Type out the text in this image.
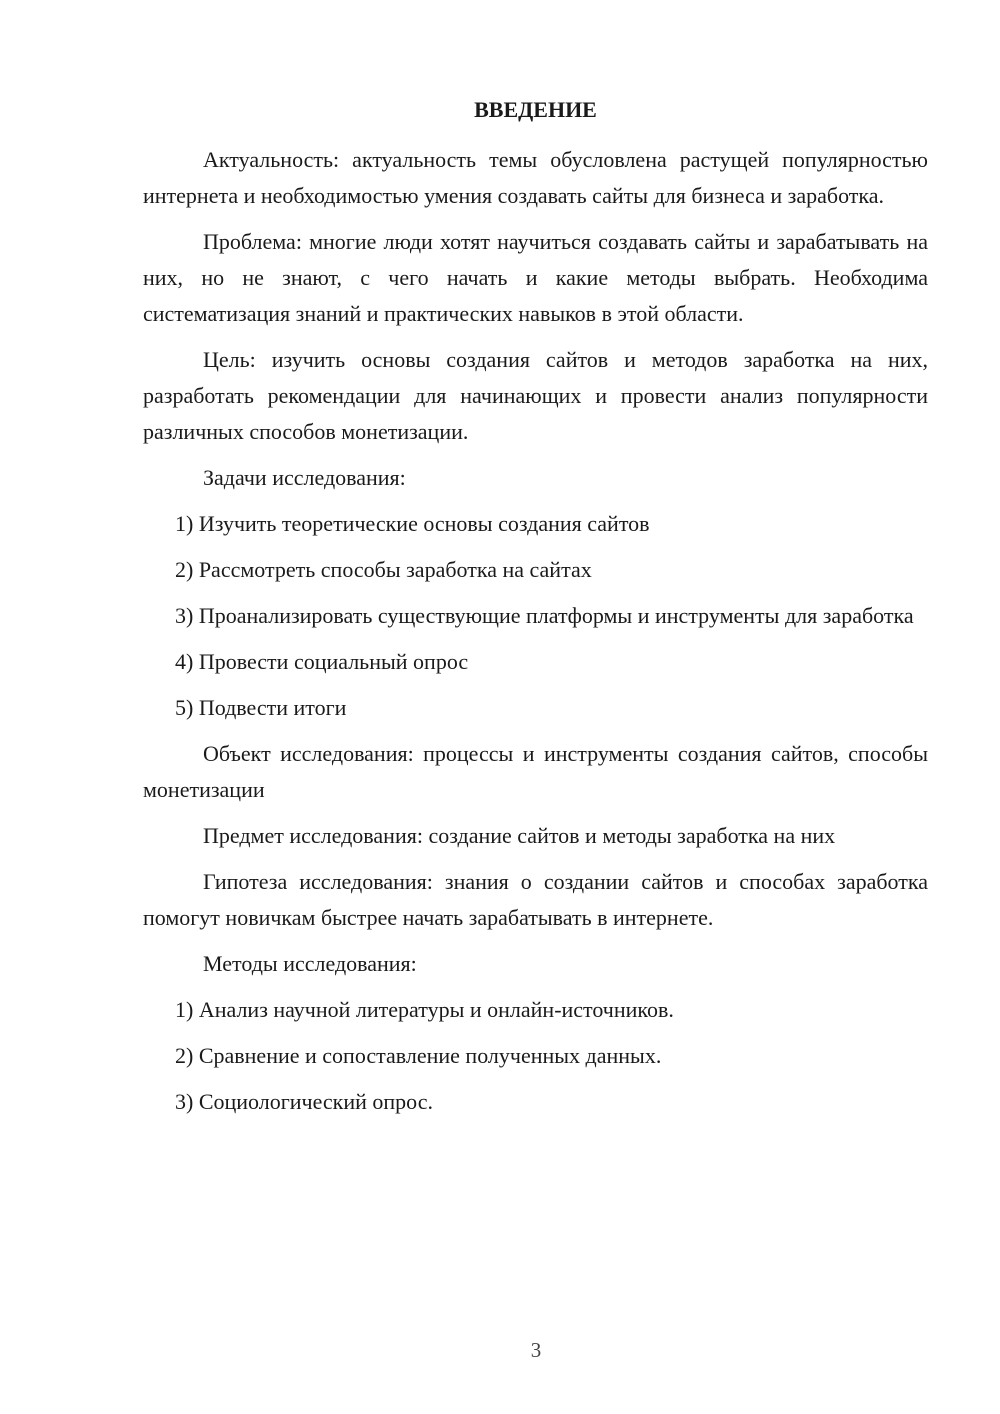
ВВЕДЕНИЕ

Актуальность: актуальность темы обусловлена растущей популярностью интернета и необходимостью умения создавать сайты для бизнеса и заработка.

Проблема: многие люди хотят научиться создавать сайты и зарабатывать на них, но не знают, с чего начать и какие методы выбрать. Необходима систематизация знаний и практических навыков в этой области.

Цель: изучить основы создания сайтов и методов заработка на них, разработать рекомендации для начинающих и провести анализ популярности различных способов монетизации.

Задачи исследования:

1) Изучить теоретические основы создания сайтов

2) Рассмотреть способы заработка на сайтах

3) Проанализировать существующие платформы и инструменты для заработка

4) Провести социальный опрос

5) Подвести итоги

Объект исследования: процессы и инструменты создания сайтов, способы монетизации

Предмет исследования: создание сайтов и методы заработка на них

Гипотеза исследования: знания о создании сайтов и способах заработка помогут новичкам быстрее начать зарабатывать в интернете.

Методы исследования:

1) Анализ научной литературы и онлайн-источников.

2) Сравнение и сопоставление полученных данных.

3) Социологический опрос.

3
